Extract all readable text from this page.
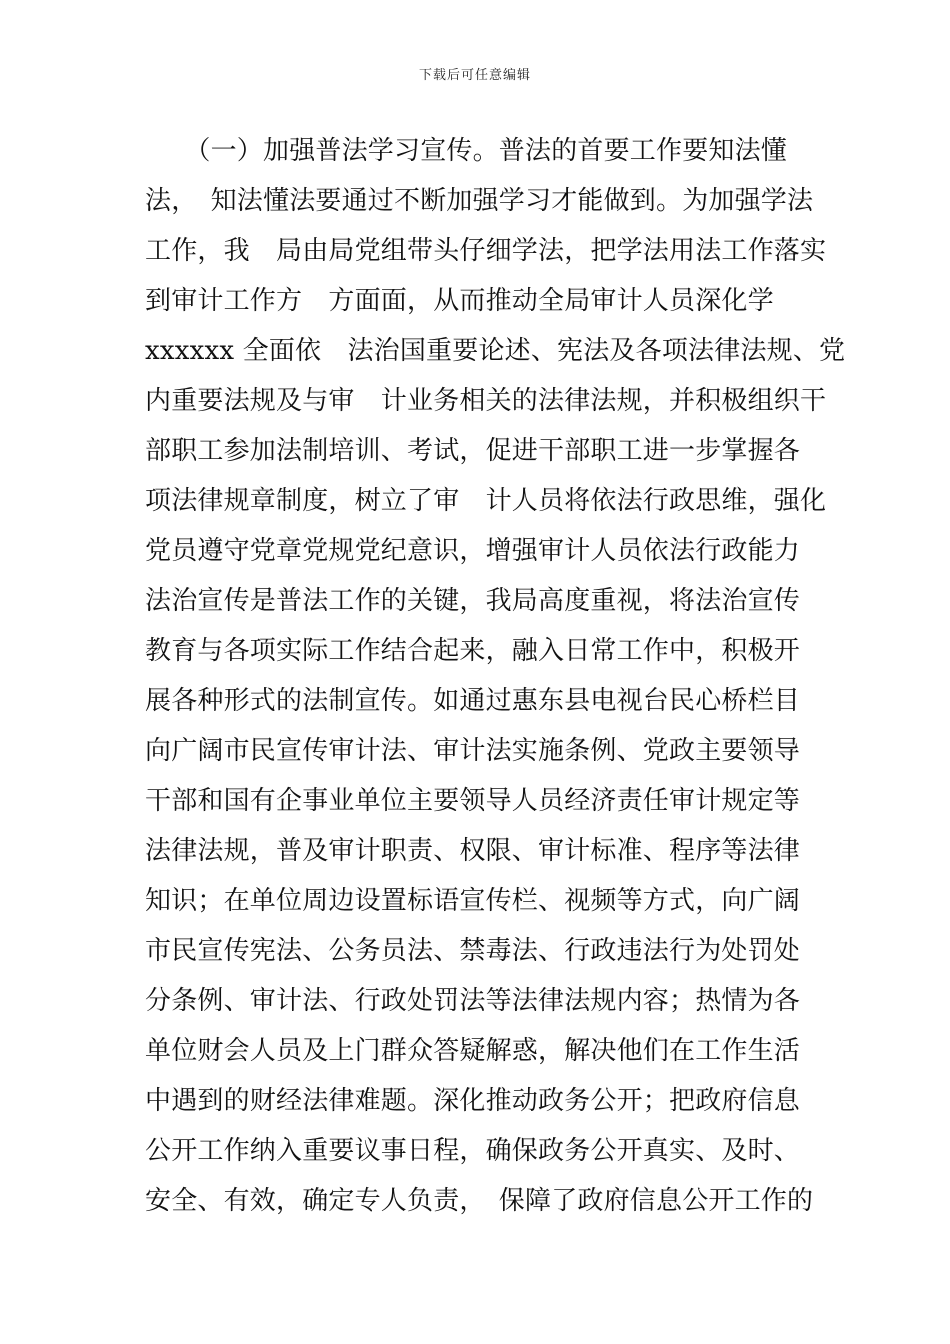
下载后可任意编辑
　　（一）加强普法学习宣传。普法的首要工作要知法懂
法，　知法懂法要通过不断加强学习才能做到。为加强学法
工作，我　局由局党组带头仔细学法，把学法用法工作落实
到审计工作方　方面面，从而推动全局审计人员深化学
xxxxxx 全面依　法治国重要论述、宪法及各项法律法规、党
内重要法规及与审　计业务相关的法律法规，并积极组织干
部职工参加法制培训、考试，促进干部职工进一步掌握各
项法律规章制度，树立了审　计人员将依法行政思维，强化
党员遵守党章党规党纪意识，增强审计人员依法行政能力
法治宣传是普法工作的关键，我局高度重视，将法治宣传
教育与各项实际工作结合起来，融入日常工作中，积极开
展各种形式的法制宣传。如通过惠东县电视台民心桥栏目
向广阔市民宣传审计法、审计法实施条例、党政主要领导
干部和国有企事业单位主要领导人员经济责任审计规定等
法律法规，普及审计职责、权限、审计标准、程序等法律
知识；在单位周边设置标语宣传栏、视频等方式，向广阔
市民宣传宪法、公务员法、禁毒法、行政违法行为处罚处
分条例、审计法、行政处罚法等法律法规内容；热情为各
单位财会人员及上门群众答疑解惑，解决他们在工作生活
中遇到的财经法律难题。深化推动政务公开；把政府信息
公开工作纳入重要议事日程，确保政务公开真实、及时、
安全、有效，确定专人负责，　保障了政府信息公开工作的
